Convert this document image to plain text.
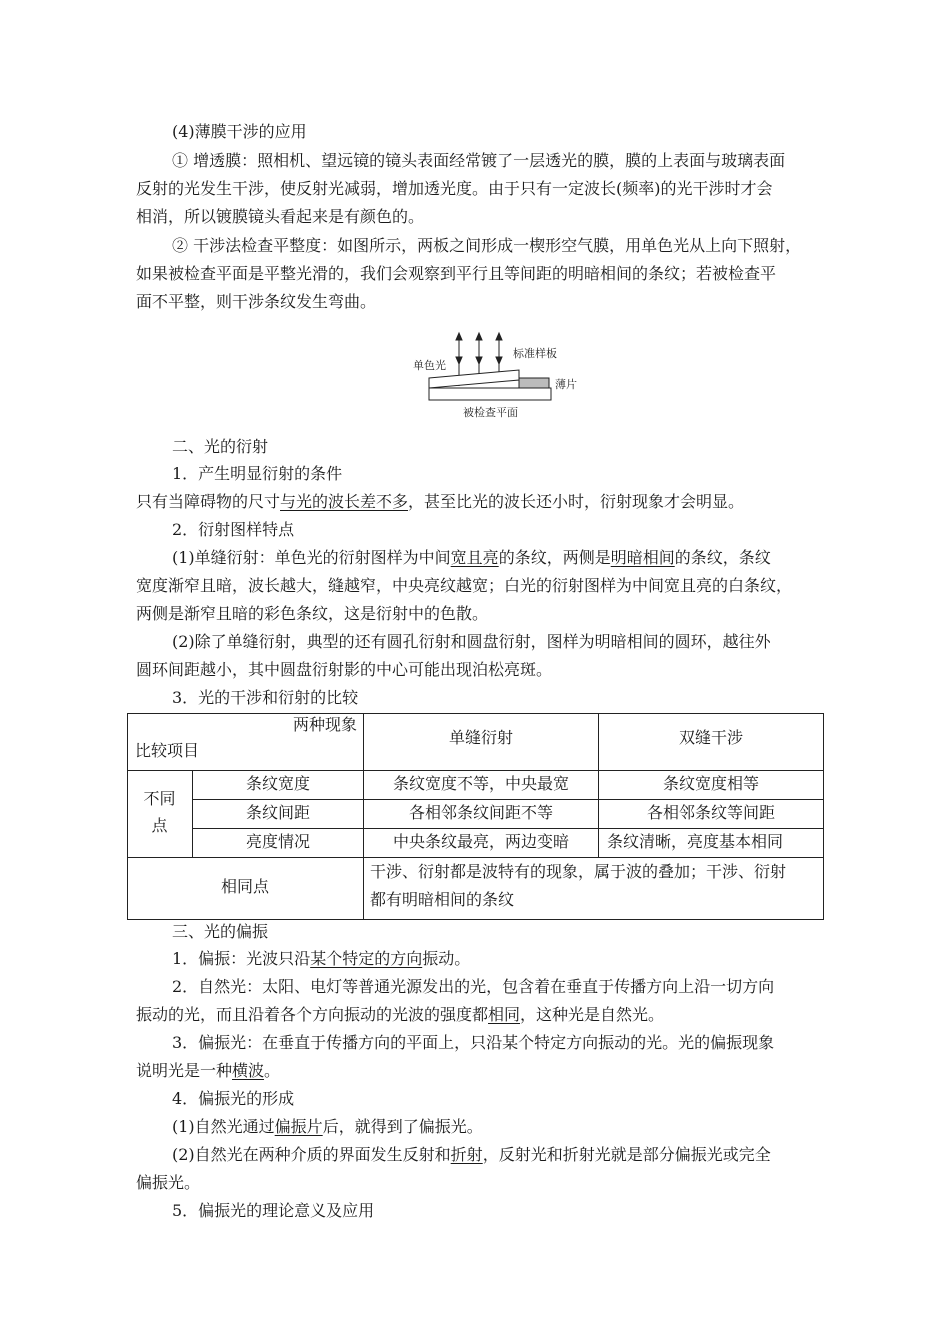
(4)薄膜干涉的应用
① 增透膜：照相机、望远镜的镜头表面经常镀了一层透光的膜，膜的上表面与玻璃表面
反射的光发生干涉，使反射光减弱，增加透光度。由于只有一定波长(频率)的光干涉时才会
相消，所以镀膜镜头看起来是有颜色的。
② 干涉法检查平整度：如图所示，两板之间形成一楔形空气膜，用单色光从上向下照射，
如果被检查平面是平整光滑的，我们会观察到平行且等间距的明暗相间的条纹；若被检查平
面不平整，则干涉条纹发生弯曲。
单色光
标准样板
薄片
被检查平面
二、光的衍射
1．产生明显衍射的条件
只有当障碍物的尺寸与光的波长差不多，甚至比光的波长还小时，衍射现象才会明显。
2．衍射图样特点
(1)单缝衍射：单色光的衍射图样为中间宽且亮的条纹，两侧是明暗相间的条纹，条纹
宽度渐窄且暗，波长越大，缝越窄，中央亮纹越宽；白光的衍射图样为中间宽且亮的白条纹，
两侧是渐窄且暗的彩色条纹，这是衍射中的色散。
(2)除了单缝衍射，典型的还有圆孔衍射和圆盘衍射，图样为明暗相间的圆环，越往外
圆环间距越小，其中圆盘衍射影的中心可能出现泊松亮斑。
3．光的干涉和衍射的比较
两种现象
比较项目
单缝衍射	双缝干涉
不同
点
条纹宽度	条纹宽度不等，中央最宽	条纹宽度相等
条纹间距	各相邻条纹间距不等	各相邻条纹等间距
亮度情况	中央条纹最亮，两边变暗	条纹清晰，亮度基本相同
相同点
干涉、衍射都是波特有的现象，属于波的叠加；干涉、衍射
都有明暗相间的条纹
三、光的偏振
1．偏振：光波只沿某个特定的方向振动。
2．自然光：太阳、电灯等普通光源发出的光，包含着在垂直于传播方向上沿一切方向
振动的光，而且沿着各个方向振动的光波的强度都相同，这种光是自然光。
3．偏振光：在垂直于传播方向的平面上，只沿某个特定方向振动的光。光的偏振现象
说明光是一种横波。
4．偏振光的形成
(1)自然光通过偏振片后，就得到了偏振光。
(2)自然光在两种介质的界面发生反射和折射，反射光和折射光就是部分偏振光或完全
偏振光。
5．偏振光的理论意义及应用
